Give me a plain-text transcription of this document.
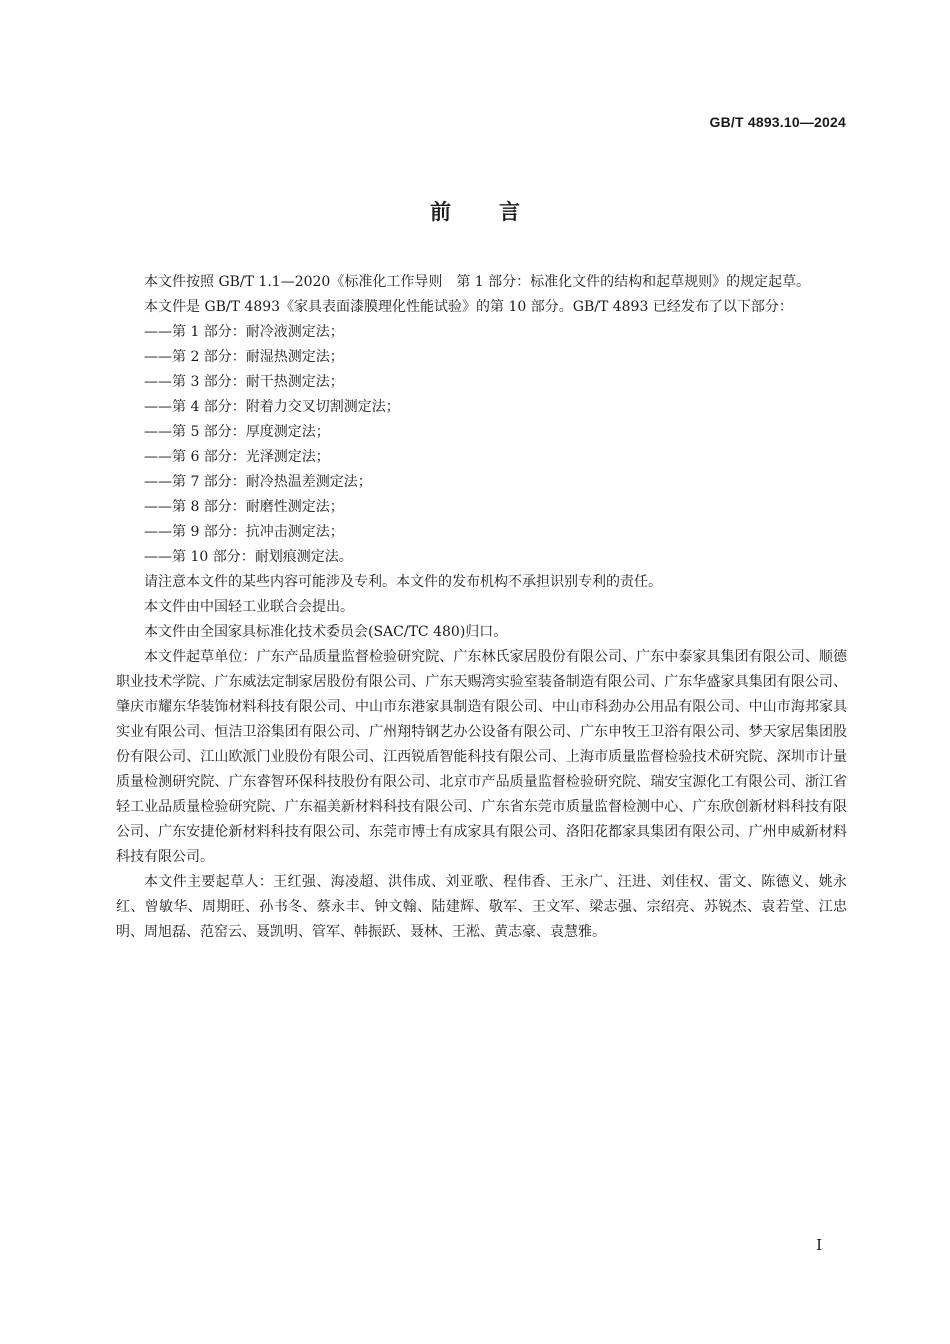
GB/T 4893.10—2024
前言

本文件按照 GB/T 1.1—2020《标准化工作导则　第 1 部分：标准化文件的结构和起草规则》的规定起草。

本文件是 GB/T 4893《家具表面漆膜理化性能试验》的第 10 部分。GB/T 4893 已经发布了以下部分：

——第 1 部分：耐冷液测定法；

——第 2 部分：耐湿热测定法；

——第 3 部分：耐干热测定法；

——第 4 部分：附着力交叉切割测定法；

——第 5 部分：厚度测定法；

——第 6 部分：光泽测定法；

——第 7 部分：耐冷热温差测定法；

——第 8 部分：耐磨性测定法；

——第 9 部分：抗冲击测定法；

——第 10 部分：耐划痕测定法。

请注意本文件的某些内容可能涉及专利。本文件的发布机构不承担识别专利的责任。

本文件由中国轻工业联合会提出。

本文件由全国家具标准化技术委员会(SAC/TC 480)归口。

本文件起草单位：广东产品质量监督检验研究院、广东林氏家居股份有限公司、广东中泰家具集团有限公司、顺德职业技术学院、广东威法定制家居股份有限公司、广东天赐湾实验室装备制造有限公司、广东华盛家具集团有限公司、肇庆市耀东华装饰材料科技有限公司、中山市东港家具制造有限公司、中山市科劲办公用品有限公司、中山市海邦家具实业有限公司、恒洁卫浴集团有限公司、广州翔特钢艺办公设备有限公司、广东申牧王卫浴有限公司、梦天家居集团股份有限公司、江山欧派门业股份有限公司、江西锐盾智能科技有限公司、上海市质量监督检验技术研究院、深圳市计量质量检测研究院、广东睿智环保科技股份有限公司、北京市产品质量监督检验研究院、瑞安宝源化工有限公司、浙江省轻工业品质量检验研究院、广东福美新材料科技有限公司、广东省东莞市质量监督检测中心、广东欣创新材料科技有限公司、广东安捷伦新材料科技有限公司、东莞市博士有成家具有限公司、洛阳花都家具集团有限公司、广州申威新材料科技有限公司。

本文件主要起草人：王红强、海凌超、洪伟成、刘亚歌、程伟香、王永广、汪进、刘佳权、雷文、陈德义、姚永红、曾敏华、周期旺、孙书冬、蔡永丰、钟文翰、陆建辉、敬军、王文军、梁志强、宗绍亮、苏锐杰、袁若堂、江忠明、周旭磊、范窑云、聂凯明、管军、韩振跃、聂林、王淞、黄志豪、袁慧雅。

I
